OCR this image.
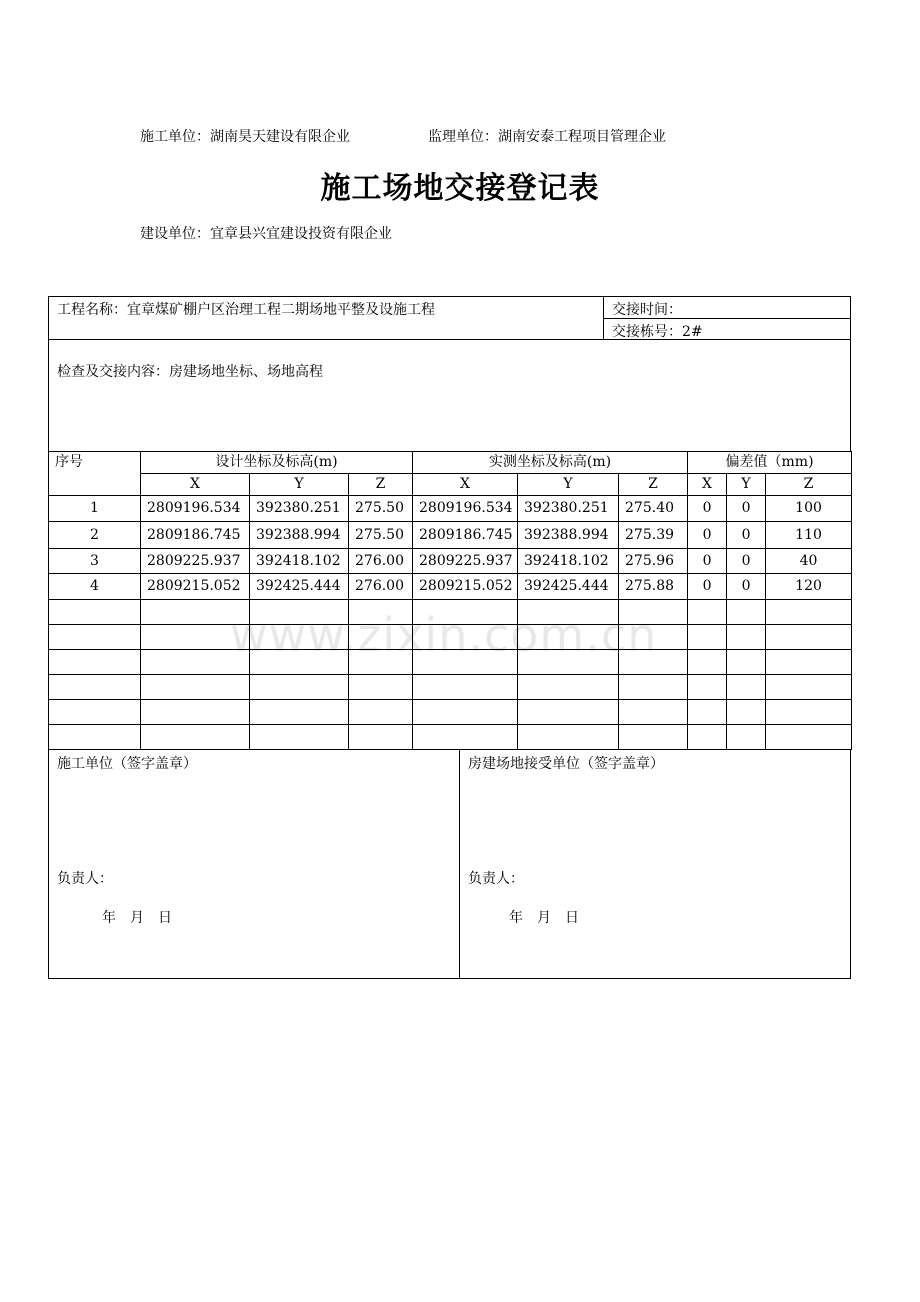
施工单位：湖南昊天建设有限企业	监理单位：湖南安泰工程项目管理企业
施工场地交接登记表
建设单位：宜章县兴宜建设投资有限企业
工程名称：宜章煤矿棚户区治理工程二期场地平整及设施工程	交接时间：
交接栋号：2#
检查及交接内容：房建场地坐标、场地高程
序号	设计坐标及标高(m)			实测坐标及标高(m)			偏差值（mm)		
	X	Y	Z	X	Y	Z	X	Y	Z
1	2809196.534	392380.251	275.50	2809196.534	392380.251	275.40	0	0	100
2	2809186.745	392388.994	275.50	2809186.745	392388.994	275.39	0	0	110
3	2809225.937	392418.102	276.00	2809225.937	392418.102	275.96	0	0	40
4	2809215.052	392425.444	276.00	2809215.052	392425.444	275.88	0	0	120

施工单位（签字盖章）	房建场地接受单位（签字盖章）
负责人：	负责人：
年　月　日	年　月　日
www.zixin.com.cn
